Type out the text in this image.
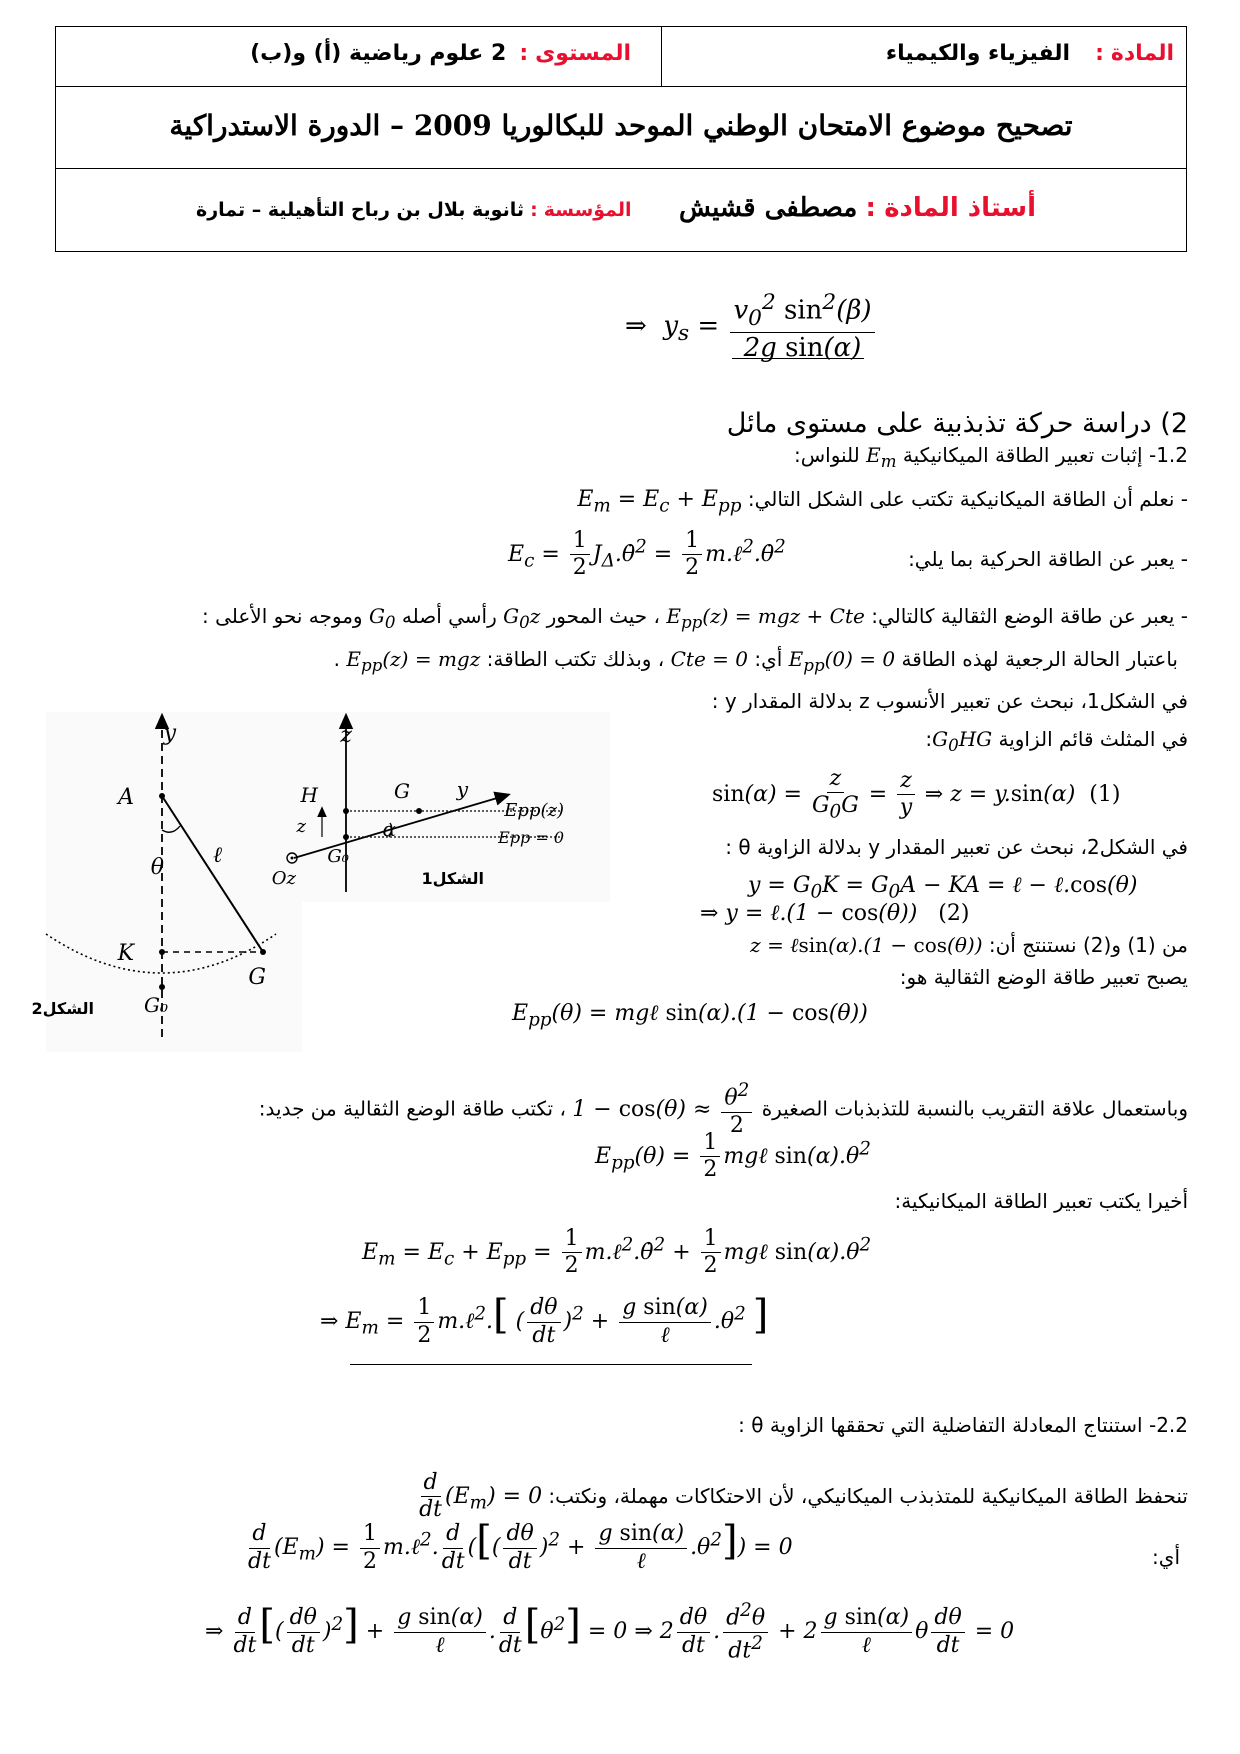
المادة : الفيزياء والكيمياء
المستوى : 2 علوم رياضية (أ) و(ب)
تصحيح موضوع الامتحان الوطني الموحد للبكالوريا 2009 – الدورة الاستدراكية
أستاذ المادة : مصطفى قشيش
المؤسسة : ثانوية بلال بن رباح التأهيلية – تمارة
⇒  $y_s = \frac{v_0^2 \sin^2(\beta)}{\text{2g sin(α)}}$
2) دراسة حركة تذبذبية على مستوى مائل
1.2- إثبات تعبير الطاقة الميكانيكية $E_m$ للنواس:
- نعلم أن الطاقة الميكانيكية تكتب على الشكل التالي: $E_m = E_c + E_{pp}$
- يعبر عن الطاقة الحركية بما يلي:
$E_c = \frac{1}{2}$ $J_\Delta.\thetȧ^2 = \frac{1}{2}$ m.ℓ$^2$.θ̇$^2$
- يعبر عن طاقة الوضع الثقالية كالتالي: $E_{pp}(z)$ = mgz + Cte ، حيث المحور $G_0z$ رأسي أصله $G_0$ وموجه نحو الأعلى :
باعتبار الحالة الرجعية لهذه الطاقة $E_{pp}(0) = 0$ أي: Cte = 0 ، وبذلك تكتب الطاقة: $E_{pp}(z)$ = mgz .
في الشكل1، نبحث عن تعبير الأنسوب z بدلالة المقدار y :
في المثلث قائم الزاوية $G_0HG$:
$\sin(\alpha) = \frac{z}{G_0G} = \frac{z}{y}$ ⇒ z = y.sin(α)  (1)
في الشكل2، نبحث عن تعبير المقدار y بدلالة الزاوية θ :
$y = G_0K = G_0A$ − KA = ℓ − ℓ.cos(θ)
⇒ y = ℓ.(1 − cos(θ))   (2)
من (1) و(2) نستنتج أن: z = ℓsin(α).(1 − cos(θ))
يصبح تعبير طاقة الوضع الثقالية هو:
$E_{pp}(\theta)$ = mgℓ sin(α).(1 − cos(θ))
وباستعمال علاقة التقريب بالنسبة للتذبذبات الصغيرة $1 - \cos(\theta) \approx \frac{\theta^2}{2}$
، تكتب طاقة الوضع الثقالية من جديد:
$E_{pp}(\theta) = \frac{1}{2}$ mgℓ $\sin(\alpha).\theta^2$
أخيرا يكتب تعبير الطاقة الميكانيكية:
$E_m = E_c + E_{pp} = \frac{1}{2}$ m.ℓ$^2$.θ̇$^2$ + $\frac{1}{2}$ mgℓ $\sin(\alpha).\theta^2$
⇒ $E_m = \frac{1}{2}$ m.ℓ$^2$.[ ( $\frac{d\theta}{dt} )^2 + \frac{\text{g sin(α)}}{\text{ℓ}} .\theta^2$ ]
2.2- استنتاج المعادلة التفاضلية التي تحققها الزاوية θ :
تنحفظ الطاقة الميكانيكية للمتذبذب الميكانيكي، لأن الاحتكاكات مهملة، ونكتب:
$\frac{d}{dt} (E_m) = 0$
أي:
$\frac{d}{dt} (E_m) = \frac{1}{2}$ m.ℓ$^2$. $\frac{d}{dt}$ ([( $\frac{d\theta}{dt} )^2 + \frac{\text{g sin(α)}}{\text{ℓ}} .\theta^2]) = 0$
⇒ $\frac{d}{dt}$ [( $\frac{d\theta}{dt} )^2] + \frac{\text{g sin(α)}}{\text{ℓ}}$ . $\frac{d}{dt} [\theta^2] = 0$ ⇒ $2 \frac{d\theta}{dt}$ . $\frac{d^2\theta}{dt^2} + 2 \frac{\text{g sin(α)}}{\text{ℓ}}$ θ $\frac{d\theta}{dt} = 0$
y
A
θ ℓ
K
G
G₀
الشكل2
z
H	G y
z	α
G₀
Oz
Epp(z)
Epp = 0
الشكل1
